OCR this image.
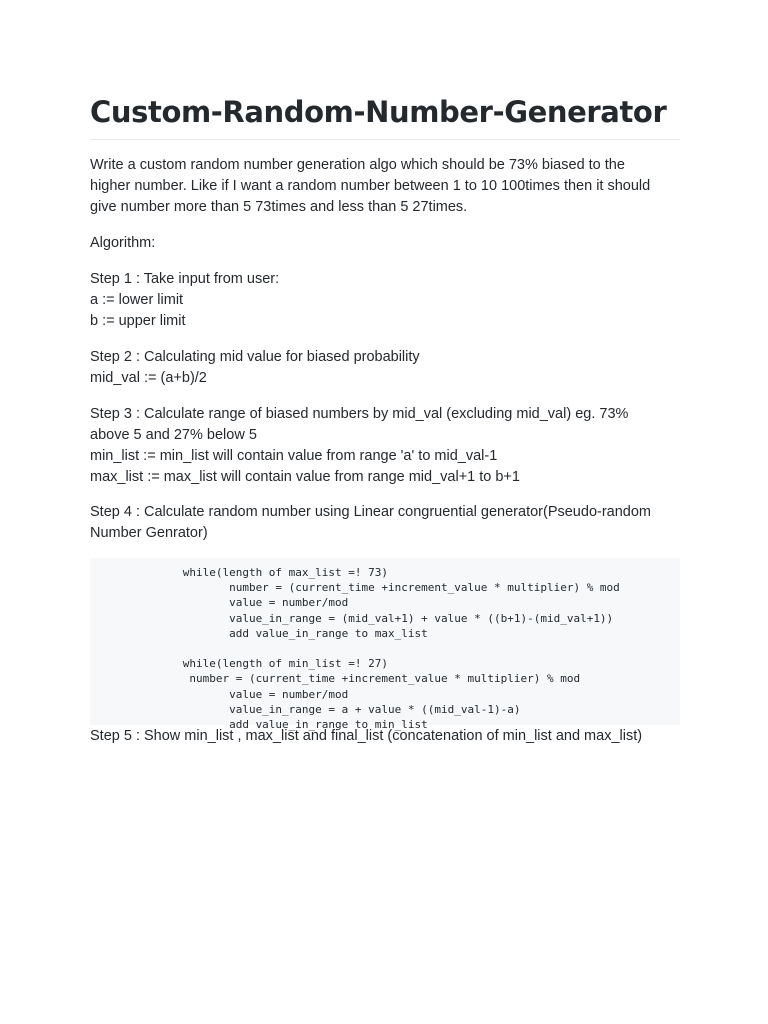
Custom-Random-Number-Generator

Write a custom random number generation algo which should be 73% biased to the
higher number. Like if I want a random number between 1 to 10 100times then it should
give number more than 5 73times and less than 5 27times.

Algorithm:

Step 1 : Take input from user:
a := lower limit
b := upper limit

Step 2 : Calculating mid value for biased probability
mid_val := (a+b)/2

Step 3 : Calculate range of biased numbers by mid_val (excluding mid_val) eg. 73%
above 5 and 27% below 5
min_list := min_list will contain value from range 'a' to mid_val-1
max_list := max_list will contain value from range mid_val+1 to b+1

Step 4 : Calculate random number using Linear congruential generator(Pseudo-random
Number Genrator)

while(length of max_list =! 73)
number = (current_time +increment_value * multiplier) % mod
value = number/mod
value_in_range = (mid_val+1) + value * ((b+1)-(mid_val+1))
add value_in_range to max_list
while(length of min_list =! 27)
number = (current_time +increment_value * multiplier) % mod
value = number/mod
value_in_range = a + value * ((mid_val-1)-a)
add value_in_range to min_list

Step 5 : Show min_list , max_list and final_list (concatenation of min_list and max_list)
